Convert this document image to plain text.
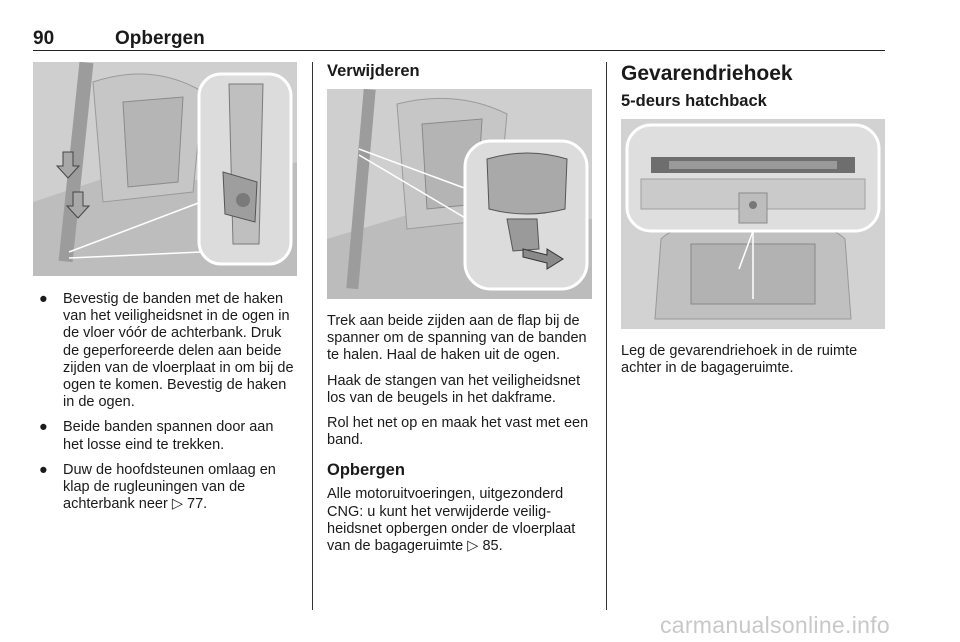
90	Opbergen
● Bevestig de banden met de haken van het veiligheidsnet in de ogen in de vloer vóór de achterbank. Druk de geperforeerde delen aan beide zijden van de vloerplaat in om bij de ogen te komen. Bevestig de haken in de ogen.
● Beide banden spannen door aan het losse eind te trekken.
● Duw de hoofdsteunen omlaag en klap de rugleuningen van de achterbank neer ▷ 77.
Verwijderen

Trek aan beide zijden aan de flap bij de spanner om de spanning van de banden te halen. Haal de haken uit de ogen.

Haak de stangen van het veiligheidsnet los van de beugels in het dakframe.

Rol het net op en maak het vast met een band.

Opbergen

Alle motoruitvoeringen, uitgezonderd CNG: u kunt het verwijderde veiligheidsnet opbergen onder de vloerplaat van de bagageruimte ▷ 85.

Gevarendriehoek
5-deurs hatchback

Leg de gevarendriehoek in de ruimte achter in de bagageruimte.

carmanualsonline.info
